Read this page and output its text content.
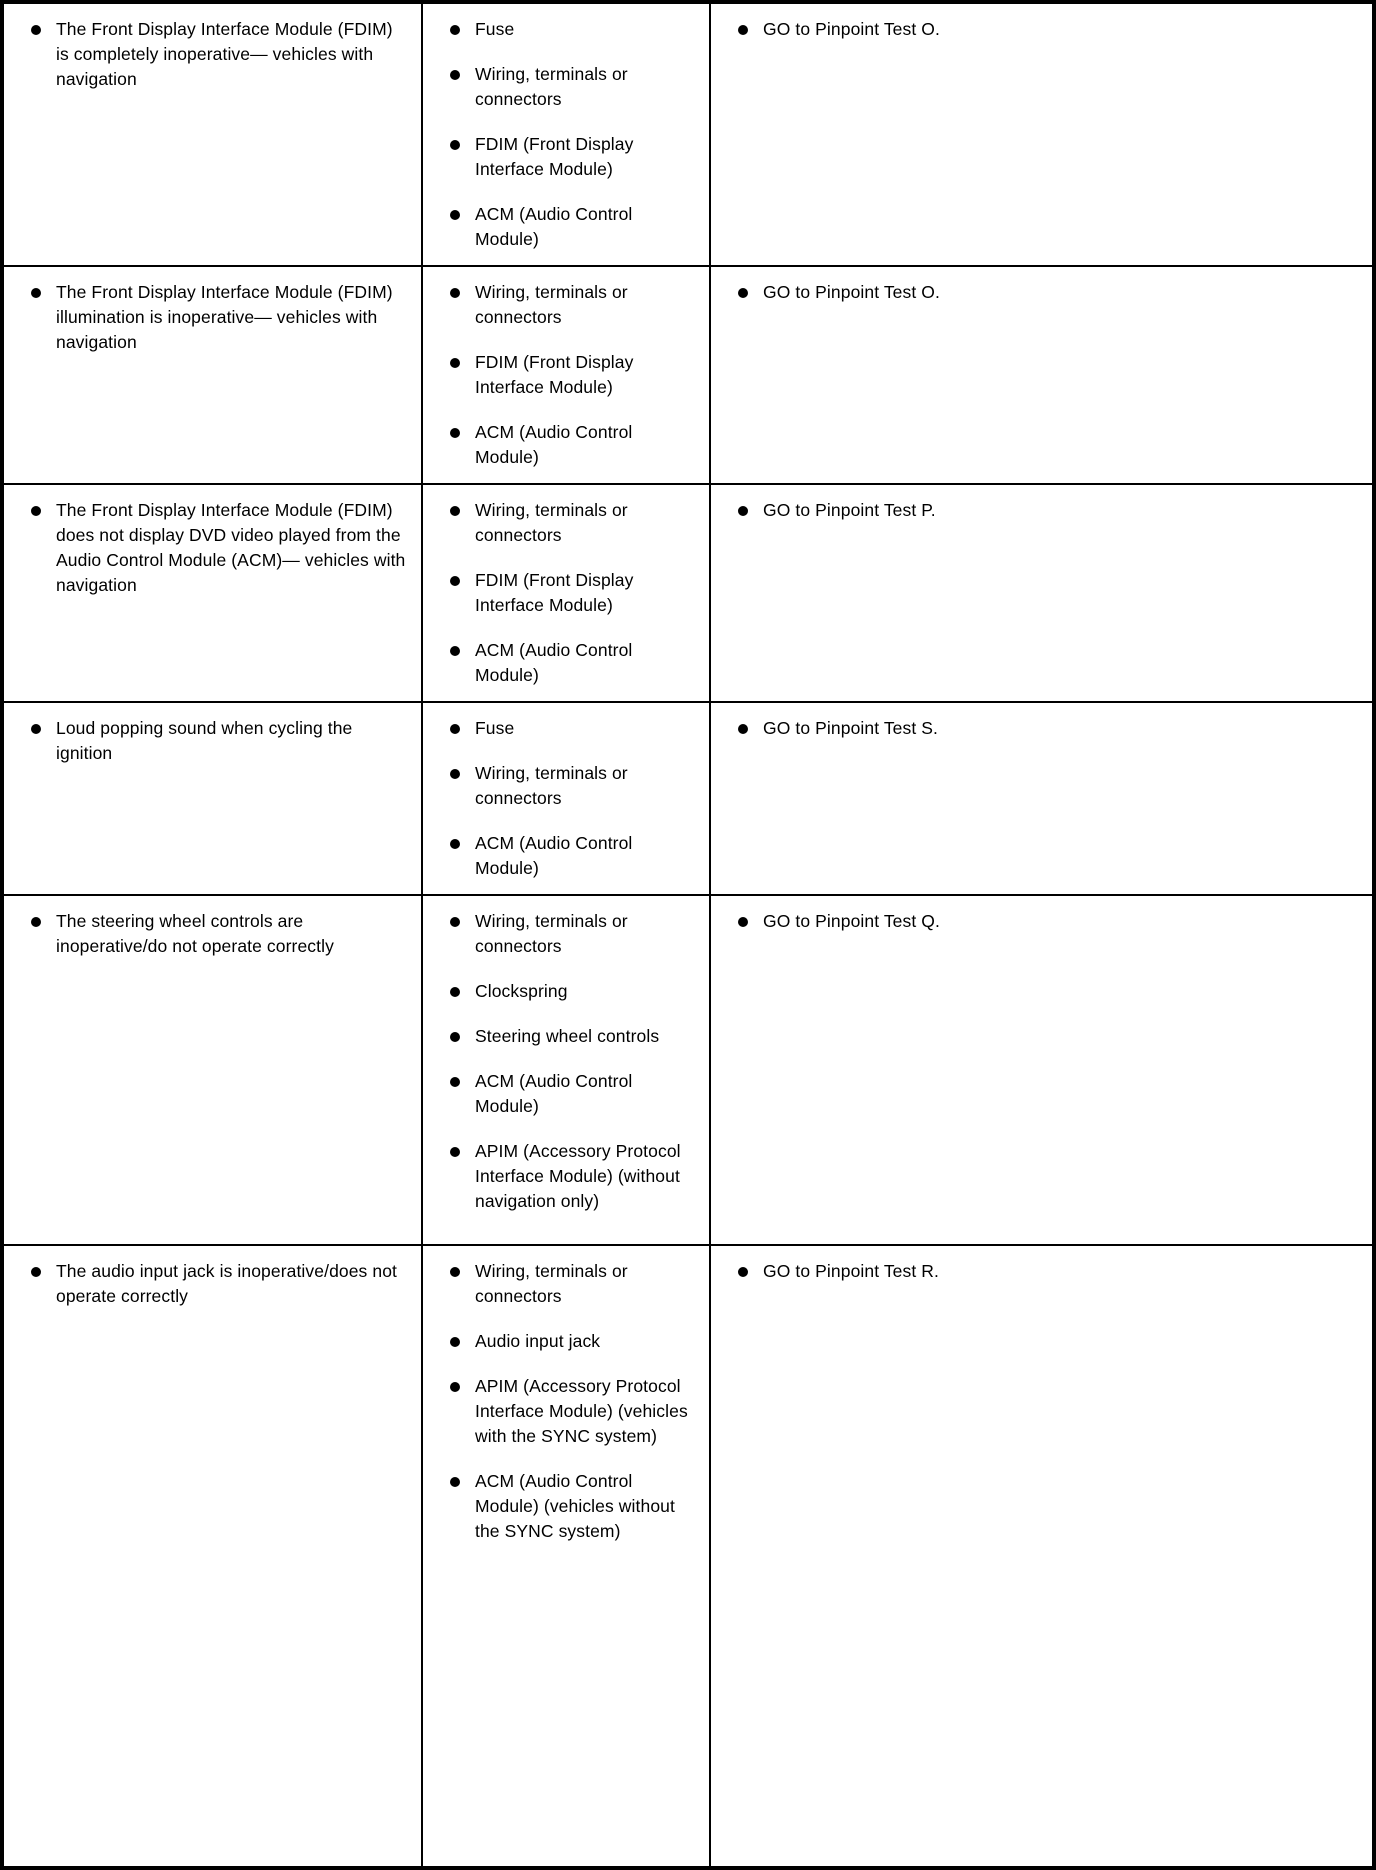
The Front Display Interface Module (FDIM) is completely inoperative— vehicles with navigation	Fuse
Wiring, terminals or connectors
FDIM (Front Display Interface Module)
ACM (Audio Control Module)	GO to Pinpoint Test O.

The Front Display Interface Module (FDIM) illumination is inoperative— vehicles with navigation	Wiring, terminals or connectors
FDIM (Front Display Interface Module)
ACM (Audio Control Module)	GO to Pinpoint Test O.

The Front Display Interface Module (FDIM) does not display DVD video played from the Audio Control Module (ACM)— vehicles with navigation	Wiring, terminals or connectors
FDIM (Front Display Interface Module)
ACM (Audio Control Module)	GO to Pinpoint Test P.

Loud popping sound when cycling the ignition	Fuse
Wiring, terminals or connectors
ACM (Audio Control Module)	GO to Pinpoint Test S.

The steering wheel controls are inoperative/do not operate correctly	Wiring, terminals or connectors
Clockspring
Steering wheel controls
ACM (Audio Control Module)
APIM (Accessory Protocol Interface Module) (without navigation only)	GO to Pinpoint Test Q.

The audio input jack is inoperative/does not operate correctly	Wiring, terminals or connectors
Audio input jack
APIM (Accessory Protocol Interface Module) (vehicles with the SYNC system)
ACM (Audio Control Module) (vehicles without the SYNC system)	GO to Pinpoint Test R.
